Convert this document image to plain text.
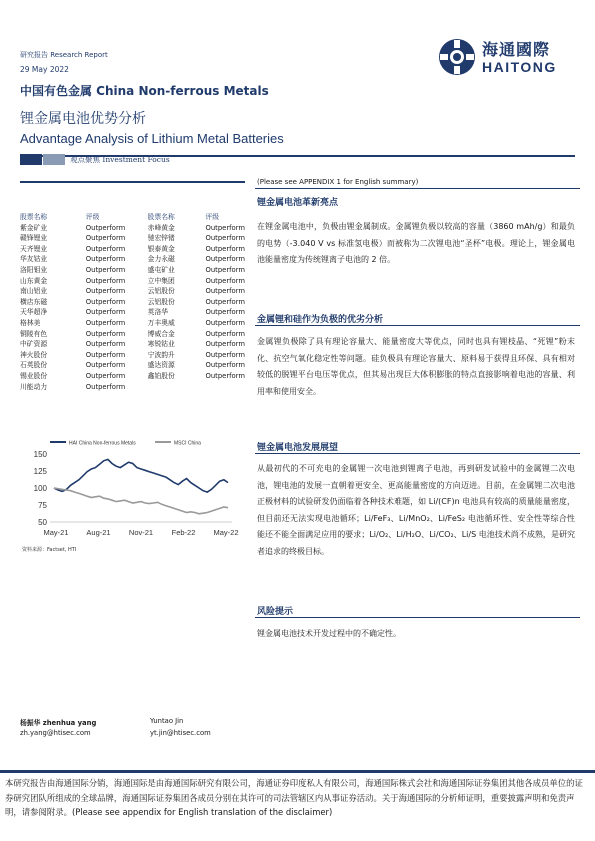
研究报告 Research Report
29 May 2022
中国有色金属 China Non-ferrous Metals
锂金属电池优势分析
Advantage Analysis of Lithium Metal Batteries
观点聚焦 Investment Focus
海通國際
HAITONG
股票名称	评级	股票名称	评级
紫金矿业	Outperform	赤峰黄金	Outperform
赣锋锂业	Outperform	驰宏锌锗	Outperform
天齐锂业	Outperform	银泰黄金	Outperform
华友钴业	Outperform	金力永磁	Outperform
洛阳钼业	Outperform	盛屯矿业	Outperform
山东黄金	Outperform	立中集团	Outperform
南山铝业	Outperform	云铝股份	Outperform
横店东磁	Outperform	云铝股份	Outperform
天华超净	Outperform	英洛华	Outperform
格林美	Outperform	万丰奥威	Outperform
铜陵有色	Outperform	博威合金	Outperform
中矿资源	Outperform	寒锐钴业	Outperform
神火股份	Outperform	宁波韵升	Outperform
石英股份	Outperform	盛达资源	Outperform
锡业股份	Outperform	鑫铂股份	Outperform
川能动力	Outperform		
HAI China Non-ferrous Metals	MSCI China
50
75
100
125
150
May-21 Aug-21 Nov-21 Feb-22 May-22
资料来源：Factset, HTI
(Please see APPENDIX 1 for English summary)
锂金属电池革新亮点
在锂金属电池中，负极由锂金属制成。金属锂负极以较高的容量（3860 mAh/g）和最负的电势（-3.040 V vs 标准氢电极）而被称为二次锂电池“圣杯”电极。理论上，锂金属电池能量密度为传统锂离子电池的 2 倍。
金属锂和硅作为负极的优劣分析
金属锂负极除了具有理论容量大、能量密度大等优点，同时也具有锂枝晶、“死锂”粉末化、抗空气氧化稳定性等问题。硅负极具有理论容量大、原料易于获得且环保、具有相对较低的脱锂平台电压等优点，但其易出现巨大体积膨胀的特点直接影响着电池的容量、利用率和使用安全。
锂金属电池发展展望
从最初代的不可充电的金属锂一次电池到锂离子电池，再到研发试验中的金属锂二次电池，锂电池的发展一直朝着更安全、更高能量密度的方向迈进。目前，在金属锂二次电池正极材料的试验研发仍面临着各种技术难题，如 Li/(CF)n 电池具有较高的质量能量密度，但目前还无法实现电池循环；Li/FeF₃、Li/MnO₂、Li/FeS₂ 电池循环性、安全性等综合性能还不能全面满足应用的要求；Li/O₂、Li/H₂O、Li/CO₂、Li/S 电池技术尚不成熟，是研究者追求的终极目标。
风险提示
锂金属电池技术开发过程中的不确定性。
杨振华 zhenhua yang
zh.yang@htisec.com
Yuntao Jin
yt.jin@htisec.com
本研究报告由海通国际分销，海通国际是由海通国际研究有限公司，海通证券印度私人有限公司，海通国际株式会社和海通国际证券集团其他各成员单位的证券研究团队所组成的全球品牌，海通国际证券集团各成员分别在其许可的司法管辖区内从事证券活动。关于海通国际的分析师证明，重要披露声明和免责声明，请参阅附录。(Please see appendix for English translation of the disclaimer)
